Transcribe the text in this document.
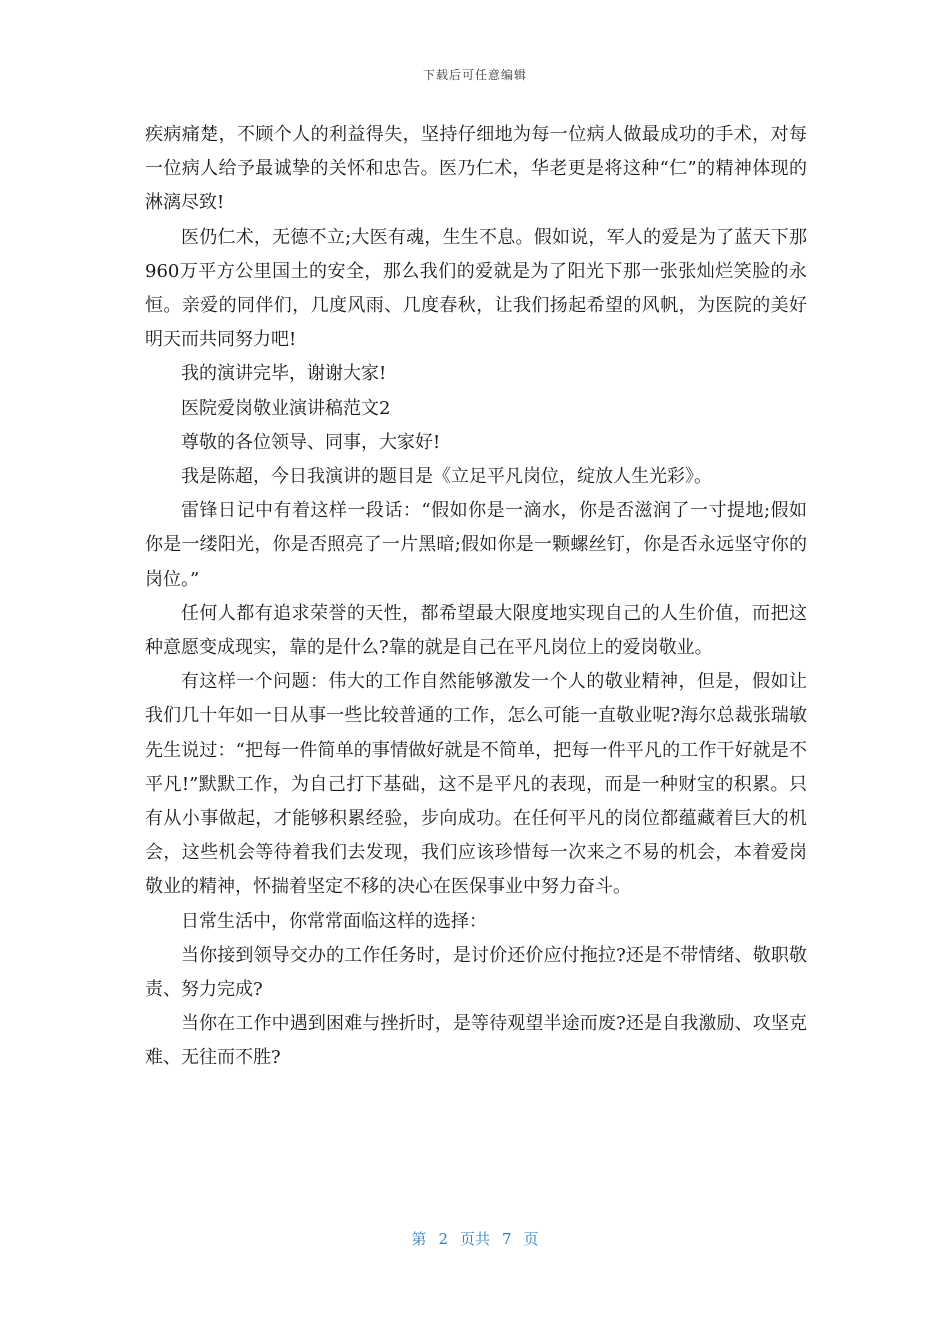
下载后可任意编辑

疾病痛楚，不顾个人的利益得失，坚持仔细地为每一位病人做最成功的手术，对每一位病人给予最诚挚的关怀和忠告。医乃仁术，华老更是将这种“仁”的精神体现的淋漓尽致!

医仍仁术，无德不立;大医有魂，生生不息。假如说，军人的爱是为了蓝天下那960万平方公里国土的安全，那么我们的爱就是为了阳光下那一张张灿烂笑脸的永恒。亲爱的同伴们，几度风雨、几度春秋，让我们扬起希望的风帆，为医院的美好明天而共同努力吧!

我的演讲完毕，谢谢大家!

医院爱岗敬业演讲稿范文2

尊敬的各位领导、同事，大家好!

我是陈超，今日我演讲的题目是《立足平凡岗位，绽放人生光彩》。

雷锋日记中有着这样一段话：“假如你是一滴水，你是否滋润了一寸提地;假如你是一缕阳光，你是否照亮了一片黑暗;假如你是一颗螺丝钉，你是否永远坚守你的岗位。”

任何人都有追求荣誉的天性，都希望最大限度地实现自己的人生价值，而把这种意愿变成现实，靠的是什么?靠的就是自己在平凡岗位上的爱岗敬业。

有这样一个问题：伟大的工作自然能够激发一个人的敬业精神，但是，假如让我们几十年如一日从事一些比较普通的工作，怎么可能一直敬业呢?海尔总裁张瑞敏先生说过：“把每一件简单的事情做好就是不简单，把每一件平凡的工作干好就是不平凡!”默默工作，为自己打下基础，这不是平凡的表现，而是一种财宝的积累。只有从小事做起，才能够积累经验，步向成功。在任何平凡的岗位都蕴藏着巨大的机会，这些机会等待着我们去发现，我们应该珍惜每一次来之不易的机会，本着爱岗敬业的精神，怀揣着坚定不移的决心在医保事业中努力奋斗。

日常生活中，你常常面临这样的选择：

当你接到领导交办的工作任务时，是讨价还价应付拖拉?还是不带情绪、敬职敬责、努力完成?

当你在工作中遇到困难与挫折时，是等待观望半途而废?还是自我激励、攻坚克难、无往而不胜?

第 2 页共 7 页
